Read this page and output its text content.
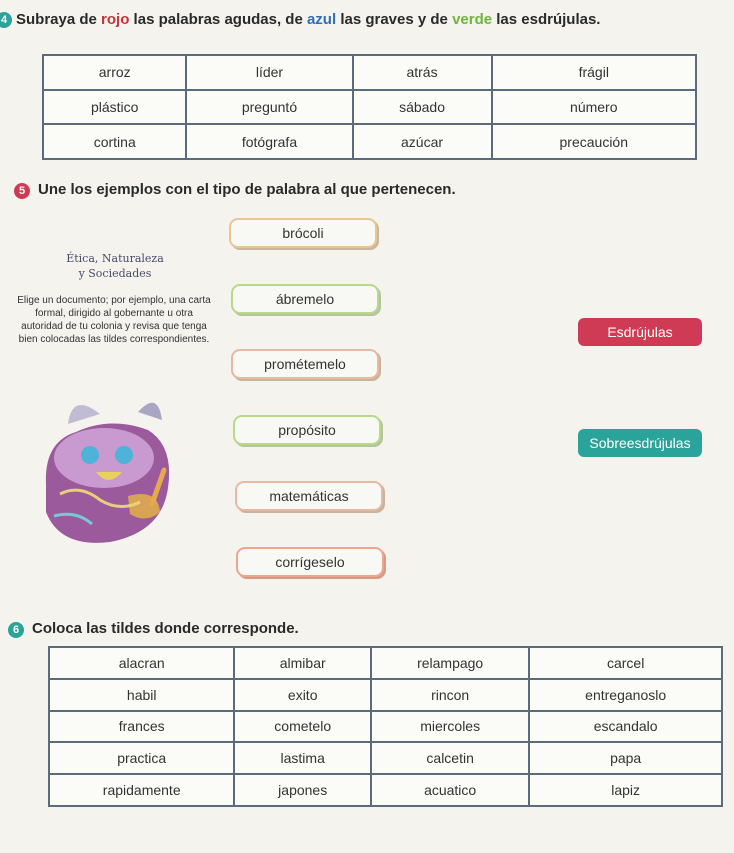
4 Subraya de rojo las palabras agudas, de azul las graves y de verde las esdrújulas.
arroz	líder	atrás	frágil
plástico	preguntó	sábado	número
cortina	fotógrafa	azúcar	precaución
5 Une los ejemplos con el tipo de palabra al que pertenecen.
Ética, Naturaleza
y Sociedades
Elige un documento; por ejemplo, una carta formal, dirigido al gobernante u otra autoridad de tu colonia y revisa que tenga bien colocadas las tildes correspondientes.
brócoli
ábremelo
prométemelo
propósito
matemáticas
corrígeselo
Esdrújulas
Sobreesdrújulas
6 Coloca las tildes donde corresponde.
alacran	almibar	relampago	carcel
habil	exito	rincon	entreganoslo
frances	cometelo	miercoles	escandalo
practica	lastima	calcetin	papa
rapidamente	japones	acuatico	lapiz
